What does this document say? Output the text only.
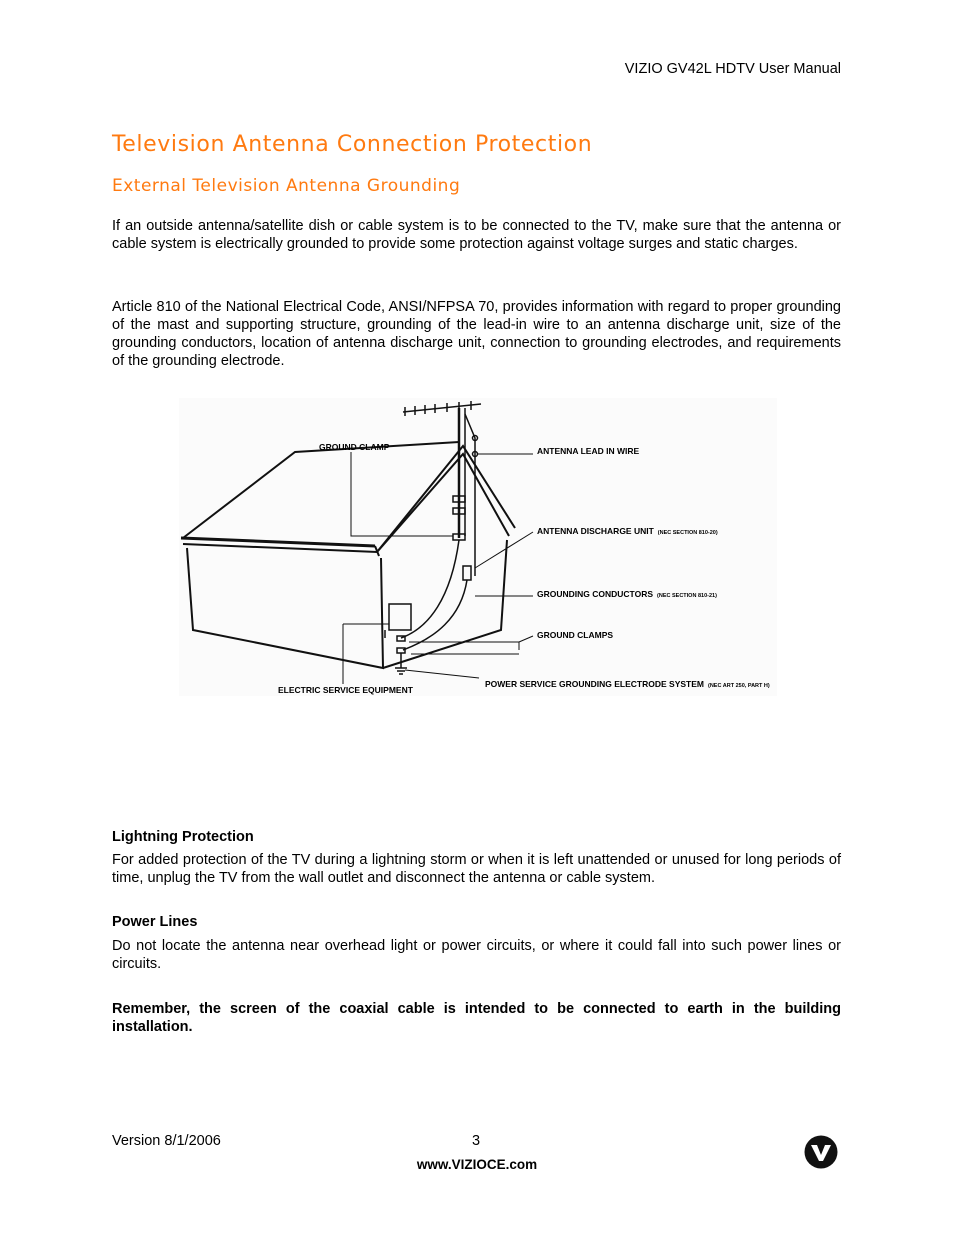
VIZIO GV42L HDTV User Manual
Television Antenna Connection Protection
External Television Antenna Grounding

If an outside antenna/satellite dish or cable system is to be connected to the TV, make sure that the antenna or cable system is electrically grounded to provide some protection against voltage surges and static charges.

Article 810 of the National Electrical Code, ANSI/NFPSA 70, provides information with regard to proper grounding of the mast and supporting structure, grounding of the lead-in wire to an antenna discharge unit, size of the grounding conductors, location of antenna discharge unit, connection to grounding electrodes, and requirements of the grounding electrode.

GROUND CLAMP	ANTENNA LEAD IN WIRE
ANTENNA DISCHARGE UNIT (NEC SECTION 810-20)
GROUNDING CONDUCTORS (NEC SECTION 810-21)
GROUND CLAMPS
POWER SERVICE GROUNDING ELECTRODE SYSTEM (NEC ART 250, PART H)
ELECTRIC SERVICE EQUIPMENT

Lightning Protection

For added protection of the TV during a lightning storm or when it is left unattended or unused for long periods of time, unplug the TV from the wall outlet and disconnect the antenna or cable system.

Power Lines

Do not locate the antenna near overhead light or power circuits, or where it could fall into such power lines or circuits.

Remember, the screen of the coaxial cable is intended to be connected to earth in the building installation.

Version 8/1/2006	3
www.VIZIOCE.com
